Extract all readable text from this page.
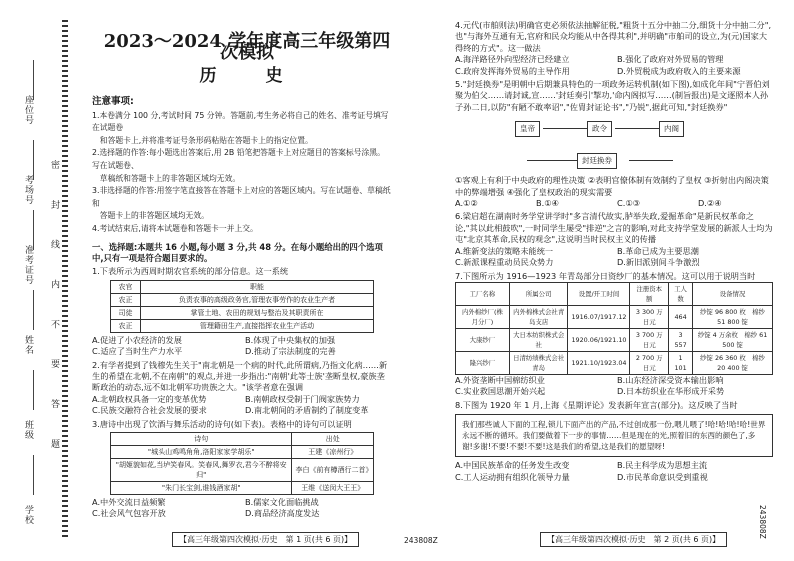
学校
班级
姓名
准考证号
考场号
座位号
密 封 线 内 不 要 答 题
2023～2024 学年度高三年级第四次模拟
历　史
注意事项:

1.本卷满分 100 分,考试时间 75 分钟。答题前,考生务必将自己的姓名、准考证号填写在试题卷

　和答题卡上,并将准考证号条形码粘贴在答题卡上的指定位置。

2.选择题的作答:每小题选出答案后,用 2B 铅笔把答题卡上对应题目的答案标号涂黑。写在试题卷、

　草稿纸和答题卡上的非答题区域均无效。

3.非选择题的作答:用签字笔直接答在答题卡上对应的答题区域内。写在试题卷、草稿纸和

　答题卡上的非答题区域均无效。

4.考试结束后,请将本试题卷和答题卡一并上交。

一、选择题:本题共 16 小题,每小题 3 分,共 48 分。在每小题给出的四个选项中,只有一项是符合题目要求的。
1.下表所示为西周时期农官系统的部分信息。这一系统
农官	职能
农正	负责农事的高级政务官,管理农事劳作的农业生产者
司徒	掌管土地、农田的规划与整治及其职责所在
农正	管理籍田生产,直接指挥农业生产活动
A.促进了小农经济的发展	B.体现了中央集权的加强
C.适应了当时生产力水平	D.推动了宗法制度的完善
2.有学者提到了钱穆先生关于"南北朝是一个病的时代,此所谓病,乃指文化病……新生的希望在北朝,不在南朝"的观点,并进一步指出:"南朝'此等士族'垄断皇权,豪族垄断政治的动态,远不如北朝军功贵族之大。"该学者意在强调
A.北朝政权具备一定的变革优势	B.南朝政权受制于门阀家族势力
C.民族交融符合社会发展的要求	D.南北朝间的矛盾制约了制度变革
3.唐诗中出现了饮酒与舞乐活动的诗句(如下表)。表格中的诗句可以证明
诗句	出处
"城头山鸡鸣角角,洛阳家家学胡乐"	王建《凉州行》
"胡姬貌如花,当垆笑春风。笑春风,舞罗衣,君今不醉将安归"	李白《前有樽酒行二首》
"朱门长宝剑,谁钱酒家胡"	王维《送闵大王王》
A.中外交流日益频繁	B.儒家文化面临挑战
C.社会风气包容开放	D.商品经济高度发达
4.元代(市舶则法)明确官吏必须依法抽解征税,"粗货十五分中抽二分,细货十分中抽二分",也"与海外互通有无,官府和民众均能从中各得其利",并明确"市舶司的设立,为(元)国家大得终的方式"。这一做法
A.海洋路径外向型经济已经建立	B.强化了政府对外贸易的管理
C.政府发挥海外贸易的主导作用	D.外贸税成为政府收入的主要来源
5."封廷换券"是明朝中后期兼具特色的一项政务运转机制(如下图),如成化年间"宁晋伯刘聚为伯父……请封诚,宣……'封廷奏引'掣功,'命内阁拟写……(制旨报出)是文逐照本人孙子孙二日,以防"有陋不敢率诏","佐胄封证论书","乃锐",据此可知,"封廷换券"
皇帝	政令	内阁
封廷换券
①客观上有利于中央政府的理性决策 ②表明官僚体制有效制约了皇权 ③折射出内阁决策中的弊端增强 ④强化了皇权政治的现实需要
A.①②	B.①④	C.①③	D.②④
6.梁启超在湖南时务学堂讲学时"多言清代故实,胪举失政,爱掘革命"是新民权革命之论,"其以此相鼓吹",一时同学生屡受"排逆"之言的影响,对此支持学堂发展的新派人士均为屯"北京其革命,民权的观念",这说明当时民权主义的传播
A.维新变法的策略未能统一	B.革命已成为主要思潮
C.新派课程重动员民众势力	D.新旧派别间斗争激烈
7.下图所示为 1916—1923 年青岛部分日资纱厂的基本情况。这可以用于说明当时
工厂名称	所属公司	设置/开工时间	注册资本额	工人数	设备情况
内外棉纱厂(株月分厂)	内外棉株式会社青岛支店	1916.07/1917.12	3 300 万日元	464	纱锭 96 800 枚　棉纱 51 800 锭
大康纱厂	大日本纺织株式会社	1920.06/1921.10	3 700 万日元	3 557	纱锭 4 万余枚　棉纱 61 500 锭
隆兴纱厂	日清纺绩株式会社青岛	1921.10/1923.04	2 700 万日元	1 101	纱锭 26 360 枚　棉纱 20 400 锭
A.外资垄断中国棉纺织业	B.山东经济深受资本输出影响
C.实业救国思潮开始兴起	D.日本纺织业在华形成开采势
8.下图为 1920 年 1 月,上海《星期评论》发表新年宣言(部分)。这反映了当时
我们那些诚人下面的工程,锁儿下面产出的产品,不过创成那一份,喂儿喂了!哈!哈!哈!哈!世界永远不断的循环。我们要做着下一步的事情……但是现在的光,照着旧的东西的颜色了,多谢!多谢!不要!不要!不要!这是我们的希望,这是我们的愿望呀!
A.中国民族革命的任务发生改变	B.民主科学成为思想主流
C.工人运动拥有组织化领导力量	D.市民革命意识受到重视
【高三年级第四次模拟·历史　第 1 页(共 6 页)】	243808Z	【高三年级第四次模拟·历史　第 2 页(共 6 页)】
243808Z
